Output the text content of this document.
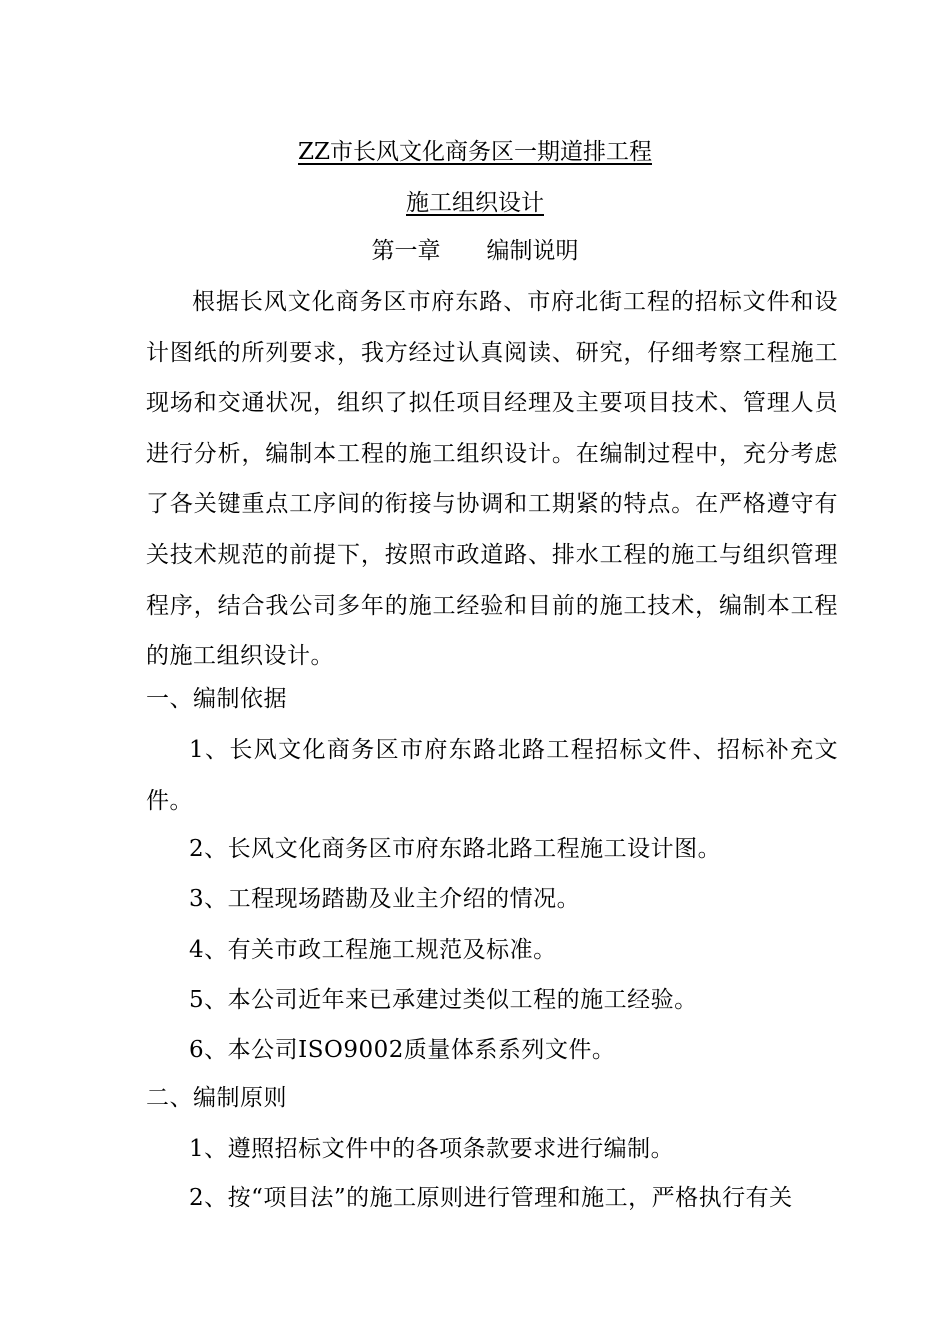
ZZ市长风文化商务区一期道排工程
施工组织设计
第一章　　编制说明

根据长风文化商务区市府东路、市府北街工程的招标文件和设计图纸的所列要求，我方经过认真阅读、研究，仔细考察工程施工现场和交通状况，组织了拟任项目经理及主要项目技术、管理人员进行分析，编制本工程的施工组织设计。在编制过程中，充分考虑了各关键重点工序间的衔接与协调和工期紧的特点。在严格遵守有关技术规范的前提下，按照市政道路、排水工程的施工与组织管理程序，结合我公司多年的施工经验和目前的施工技术，编制本工程的施工组织设计。

一、编制依据

1、长风文化商务区市府东路北路工程招标文件、招标补充文件。

2、长风文化商务区市府东路北路工程施工设计图。
3、工程现场踏勘及业主介绍的情况。
4、有关市政工程施工规范及标准。
5、本公司近年来已承建过类似工程的施工经验。
6、本公司ISO9002质量体系系列文件。
二、编制原则
1、遵照招标文件中的各项条款要求进行编制。
2、按“项目法”的施工原则进行管理和施工，严格执行有关
